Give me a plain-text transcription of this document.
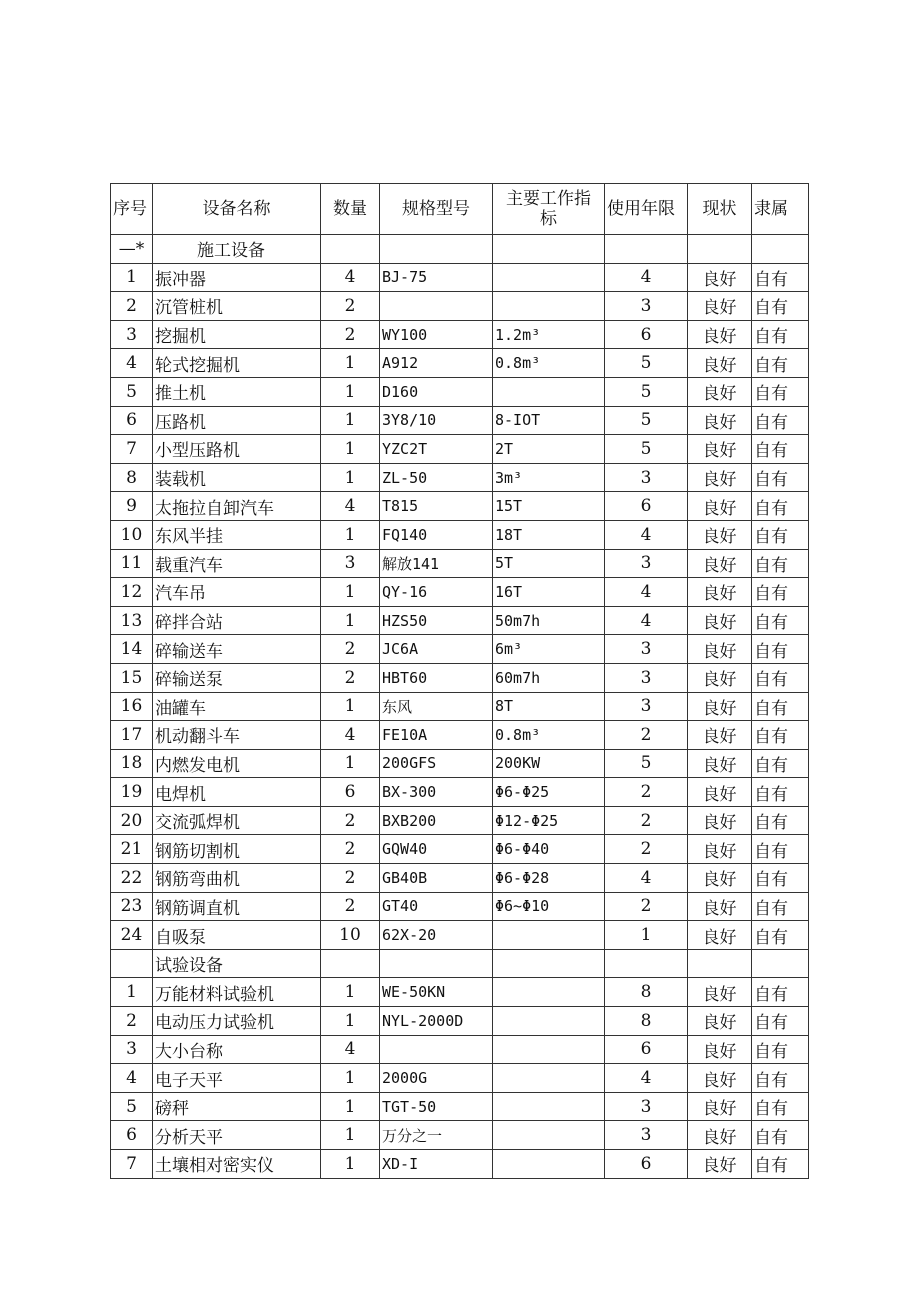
序号	设备名称	数量	规格型号	主要工作指标	使用年限	现状	隶属
—*	施工设备						
1	振冲器	4	BJ-75		4	良好	自有
2	沉管桩机	2			3	良好	自有
3	挖掘机	2	WY100	1.2m³	6	良好	自有
4	轮式挖掘机	1	A912	0.8m³	5	良好	自有
5	推土机	1	D160		5	良好	自有
6	压路机	1	3Y8/10	8-IOT	5	良好	自有
7	小型压路机	1	YZC2T	2T	5	良好	自有
8	装载机	1	ZL-50	3m³	3	良好	自有
9	太拖拉自卸汽车	4	T815	15T	6	良好	自有
10	东风半挂	1	FQ140	18T	4	良好	自有
11	载重汽车	3	解放141	5T	3	良好	自有
12	汽车吊	1	QY-16	16T	4	良好	自有
13	碎拌合站	1	HZS50	50m7h	4	良好	自有
14	碎输送车	2	JC6A	6m³	3	良好	自有
15	碎输送泵	2	HBT60	60m7h	3	良好	自有
16	油罐车	1	东风	8T	3	良好	自有
17	机动翻斗车	4	FE10A	0.8m³	2	良好	自有
18	内燃发电机	1	200GFS	200KW	5	良好	自有
19	电焊机	6	BX-300	Φ6-Φ25	2	良好	自有
20	交流弧焊机	2	BXB200	Φ12-Φ25	2	良好	自有
21	钢筋切割机	2	GQW40	Φ6-Φ40	2	良好	自有
22	钢筋弯曲机	2	GB40B	Φ6-Φ28	4	良好	自有
23	钢筋调直机	2	GT40	Φ6~Φ10	2	良好	自有
24	自吸泵	10	62X-20		1	良好	自有
	试验设备						
1	万能材料试验机	1	WE-50KN		8	良好	自有
2	电动压力试验机	1	NYL-2000D		8	良好	自有
3	大小台称	4			6	良好	自有
4	电子天平	1	2000G		4	良好	自有
5	磅秤	1	TGT-50		3	良好	自有
6	分析天平	1	万分之一		3	良好	自有
7	土壤相对密实仪	1	XD-I		6	良好	自有
